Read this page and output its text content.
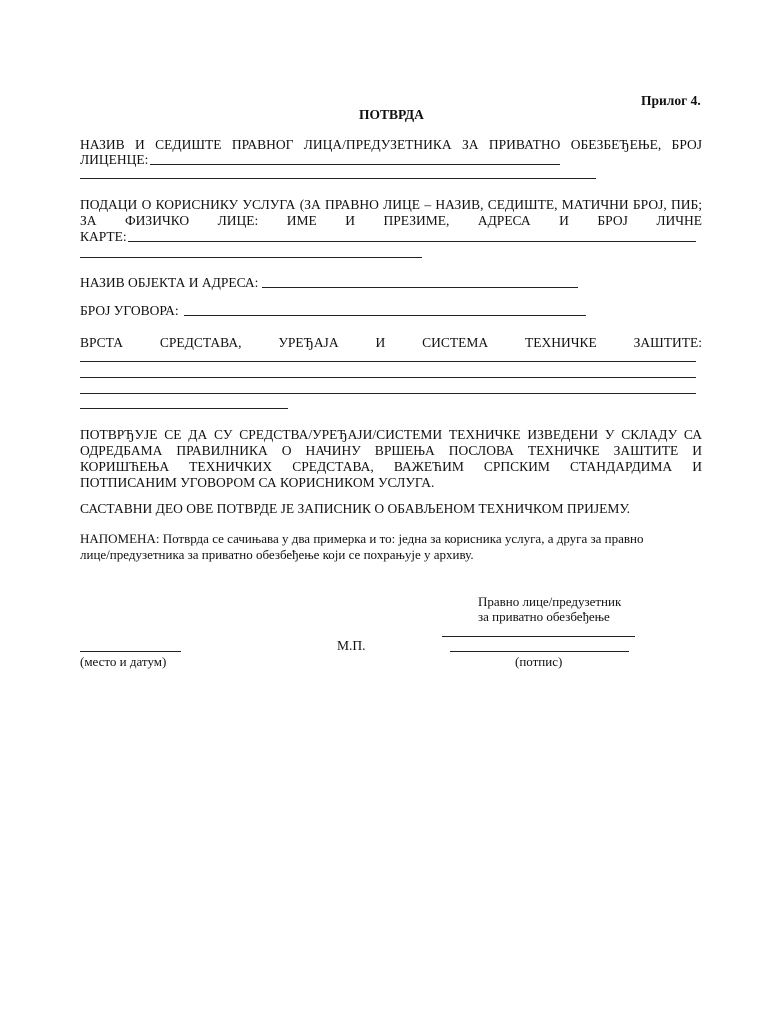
Прилог 4.
ПОТВРДА
НАЗИВ И СЕДИШТЕ ПРАВНОГ ЛИЦА/ПРЕДУЗЕТНИКА ЗА ПРИВАТНО ОБЕЗБЕЂЕЊЕ, БРОЈ
ЛИЦЕНЦЕ:
ПОДАЦИ О КОРИСНИКУ УСЛУГА (ЗА ПРАВНО ЛИЦЕ – НАЗИВ, СЕДИШТЕ, МАТИЧНИ БРОЈ, ПИБ;
ЗА ФИЗИЧКО ЛИЦЕ: ИМЕ И ПРЕЗИМЕ, АДРЕСА И БРОЈ ЛИЧНЕ
КАРТЕ:
НАЗИВ ОБЈЕКТА И АДРЕСА:
БРОЈ УГОВОРА:
ВРСТА СРЕДСТАВА, УРЕЂАЈА И СИСТЕМА ТЕХНИЧКЕ ЗАШТИТЕ:
ПОТВРЂУЈЕ СЕ ДА СУ СРЕДСТВА/УРЕЂАЈИ/СИСТЕМИ ТЕХНИЧКЕ ИЗВЕДЕНИ У СКЛАДУ СА
ОДРЕДБАМА ПРАВИЛНИКА О НАЧИНУ ВРШЕЊА ПОСЛОВА ТЕХНИЧКЕ ЗАШТИТЕ И
КОРИШЋЕЊА ТЕХНИЧКИХ СРЕДСТАВА, ВАЖЕЋИМ СРПСКИМ СТАНДАРДИМА И
ПОТПИСАНИМ УГОВОРОМ СА КОРИСНИКОМ УСЛУГА.
САСТАВНИ ДЕО ОВЕ ПОТВРДЕ ЈЕ ЗАПИСНИК О ОБАВЉЕНОМ ТЕХНИЧКОМ ПРИЈЕМУ.
НАПОМЕНА: Потврда се сачињава у два примерка и то: једна за корисника услуга, а друга за правно
лице/предузетника за приватно обезбеђење који се похрањује у архиву.
Правно лице/предузетник
за приватно обезбеђење
М.П.
(место и датум)	(потпис)
